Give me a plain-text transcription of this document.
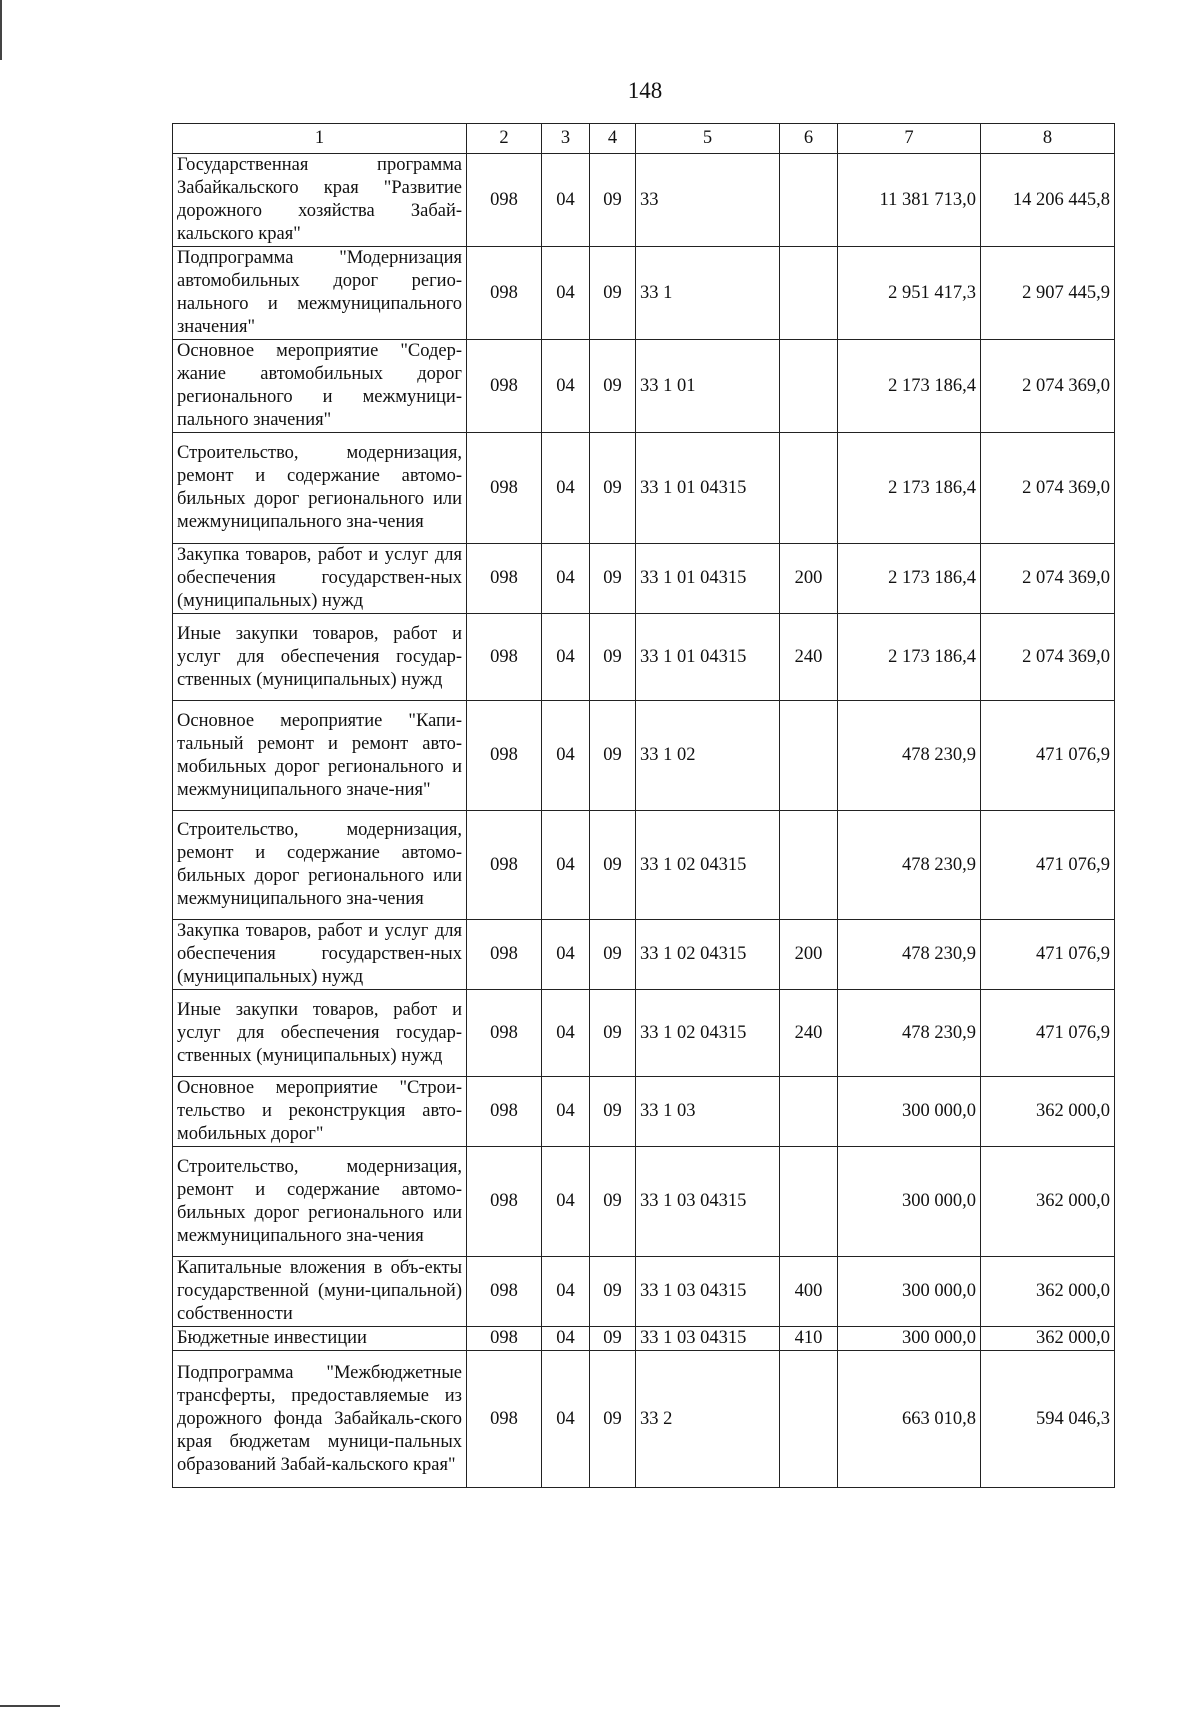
148
1	2	3	4	5	6	7	8
Государственная программа Забайкальского края "Развитие дорожного хозяйства Забай-кальского края"	098	04	09	33		11 381 713,0	14 206 445,8
Подпрограмма "Модернизация автомобильных дорог регио-нального и межмуниципального значения"	098	04	09	33 1		2 951 417,3	2 907 445,9
Основное мероприятие "Содер-жание автомобильных дорог регионального и межмуници-пального значения"	098	04	09	33 1 01		2 173 186,4	2 074 369,0
Строительство, модернизация, ремонт и содержание автомо-бильных дорог регионального или межмуниципального зна-чения	098	04	09	33 1 01 04315		2 173 186,4	2 074 369,0
Закупка товаров, работ и услуг для обеспечения государствен-ных (муниципальных) нужд	098	04	09	33 1 01 04315	200	2 173 186,4	2 074 369,0
Иные закупки товаров, работ и услуг для обеспечения государ-ственных (муниципальных) нужд	098	04	09	33 1 01 04315	240	2 173 186,4	2 074 369,0
Основное мероприятие "Капи-тальный ремонт и ремонт авто-мобильных дорог регионального и межмуниципального значе-ния"	098	04	09	33 1 02		478 230,9	471 076,9
Строительство, модернизация, ремонт и содержание автомо-бильных дорог регионального или межмуниципального зна-чения	098	04	09	33 1 02 04315		478 230,9	471 076,9
Закупка товаров, работ и услуг для обеспечения государствен-ных (муниципальных) нужд	098	04	09	33 1 02 04315	200	478 230,9	471 076,9
Иные закупки товаров, работ и услуг для обеспечения государ-ственных (муниципальных) нужд	098	04	09	33 1 02 04315	240	478 230,9	471 076,9
Основное мероприятие "Строи-тельство и реконструкция авто-мобильных дорог"	098	04	09	33 1 03		300 000,0	362 000,0
Строительство, модернизация, ремонт и содержание автомо-бильных дорог регионального или межмуниципального зна-чения	098	04	09	33 1 03 04315		300 000,0	362 000,0
Капитальные вложения в объ-екты государственной (муни-ципальной) собственности	098	04	09	33 1 03 04315	400	300 000,0	362 000,0
Бюджетные инвестиции	098	04	09	33 1 03 04315	410	300 000,0	362 000,0
Подпрограмма "Межбюджетные трансферты, предоставляемые из дорожного фонда Забайкаль-ского края бюджетам муници-пальных образований Забай-кальского края"	098	04	09	33 2		663 010,8	594 046,3
